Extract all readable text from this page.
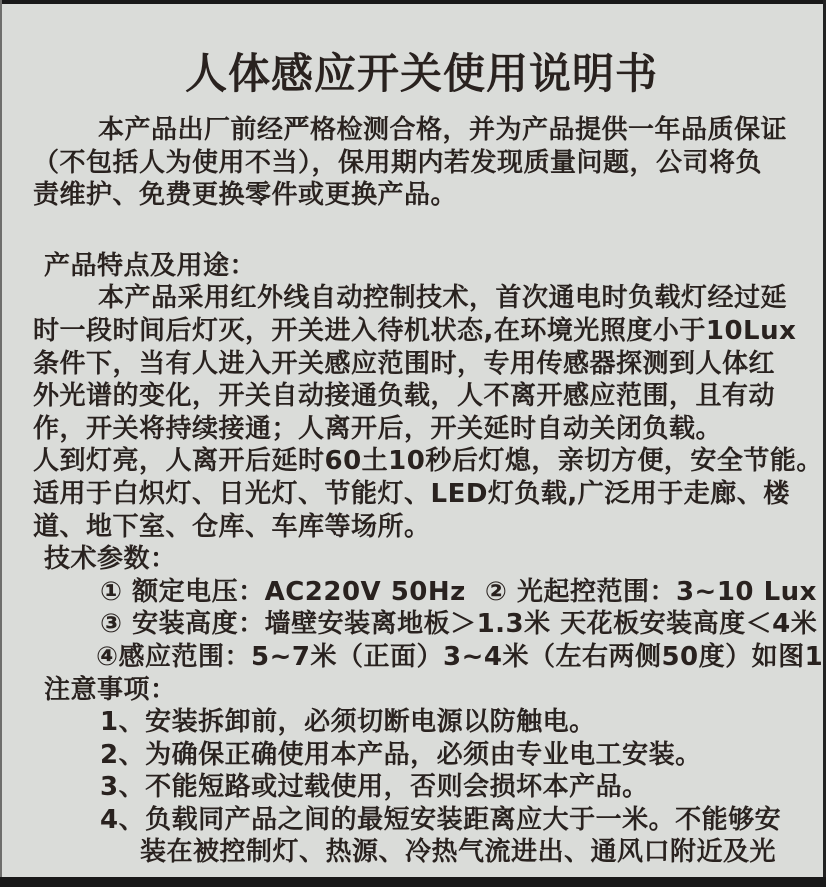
人体感应开关使用说明书
本产品出厂前经严格检测合格，并为产品提供一年品质保证
（不包括人为使用不当），保用期内若发现质量问题，公司将负
责维护、免费更换零件或更换产品。
产品特点及用途：
本产品采用红外线自动控制技术，首次通电时负载灯经过延
时一段时间后灯灭，开关进入待机状态,在环境光照度小于10Lux
条件下，当有人进入开关感应范围时，专用传感器探测到人体红
外光谱的变化，开关自动接通负载，人不离开感应范围，且有动
作，开关将持续接通；人离开后，开关延时自动关闭负载。
人到灯亮，人离开后延时60土10秒后灯熄，亲切方便，安全节能。
适用于白炽灯、日光灯、节能灯、LED灯负载,广泛用于走廊、楼
道、地下室、仓库、车库等场所。
技术参数：
① 额定电压：AC220V 50Hz  ② 光起控范围：3~10 Lux
③ 安装高度：墙壁安装离地板＞1.3米 天花板安装高度＜4米
④感应范围：5~7米（正面）3~4米（左右两侧50度）如图1
注意事项：
1、安装拆卸前，必须切断电源以防触电。
2、为确保正确使用本产品，必须由专业电工安装。
3、不能短路或过载使用，否则会损坏本产品。
4、负载同产品之间的最短安装距离应大于一米。不能够安
装在被控制灯、热源、冷热气流进出、通风口附近及光
